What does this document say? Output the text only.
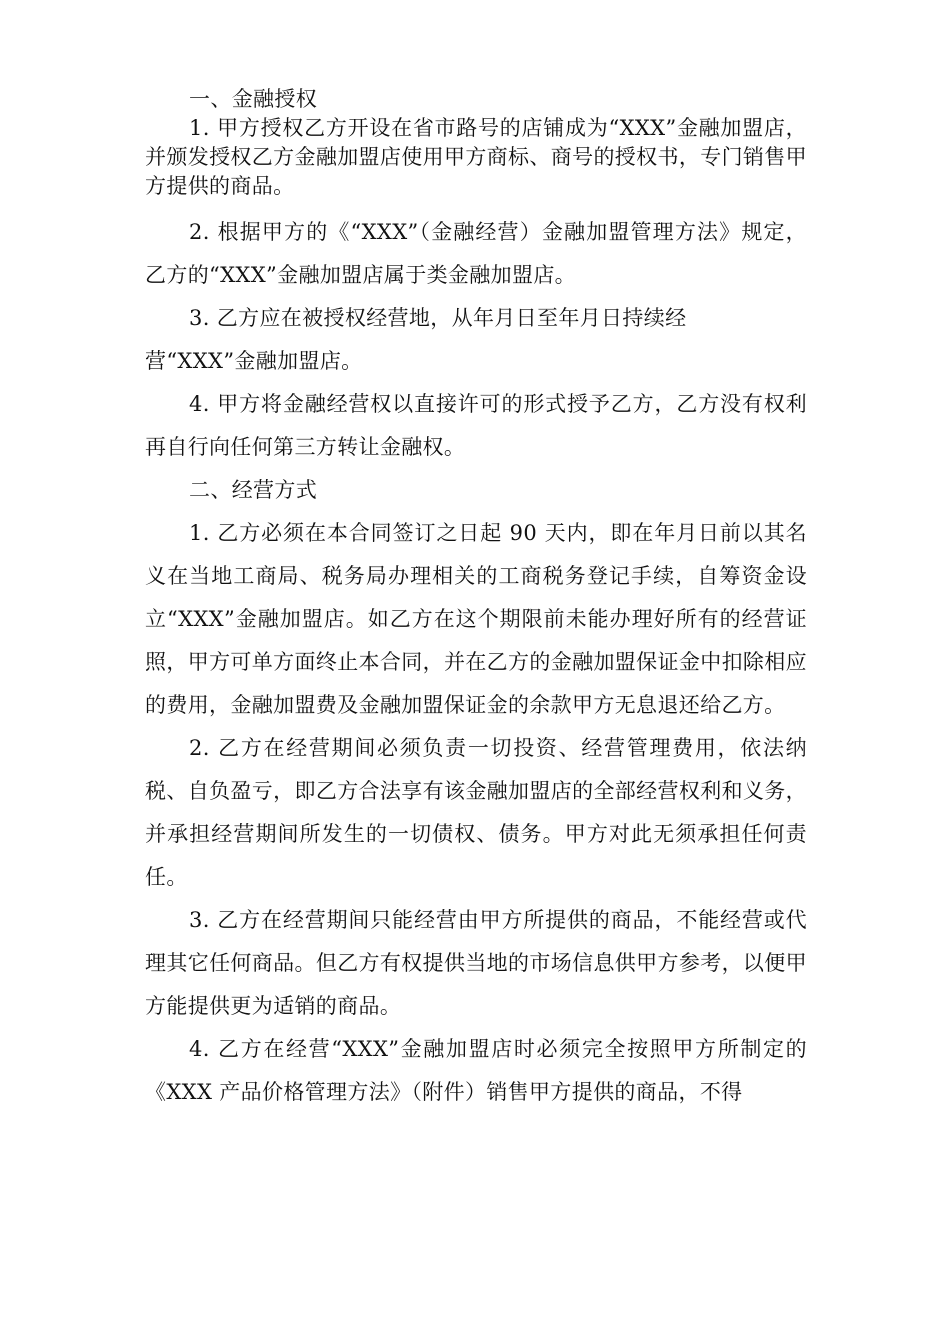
一、金融授权

1. 甲方授权乙方开设在省市路号的店铺成为“XXX”金融加盟店，并颁发授权乙方金融加盟店使用甲方商标、商号的授权书，专门销售甲方提供的商品。

2. 根据甲方的《“XXX”（金融经营）金融加盟管理方法》规定，乙方的“XXX”金融加盟店属于类金融加盟店。

3. 乙方应在被授权经营地，从年月日至年月日持续经

营“XXX”金融加盟店。

4. 甲方将金融经营权以直接许可的形式授予乙方，乙方没有权利再自行向任何第三方转让金融权。

二、经营方式

1. 乙方必须在本合同签订之日起 90 天内，即在年月日前以其名义在当地工商局、税务局办理相关的工商税务登记手续，自筹资金设立“XXX”金融加盟店。如乙方在这个期限前未能办理好所有的经营证照，甲方可单方面终止本合同，并在乙方的金融加盟保证金中扣除相应的费用，金融加盟费及金融加盟保证金的余款甲方无息退还给乙方。

2. 乙方在经营期间必须负责一切投资、经营管理费用，依法纳税、自负盈亏，即乙方合法享有该金融加盟店的全部经营权利和义务，并承担经营期间所发生的一切债权、债务。甲方对此无须承担任何责任。

3. 乙方在经营期间只能经营由甲方所提供的商品，不能经营或代理其它任何商品。但乙方有权提供当地的市场信息供甲方参考，以便甲方能提供更为适销的商品。

4. 乙方在经营“XXX”金融加盟店时必须完全按照甲方所制定的《XXX 产品价格管理方法》（附件）销售甲方提供的商品，不得
